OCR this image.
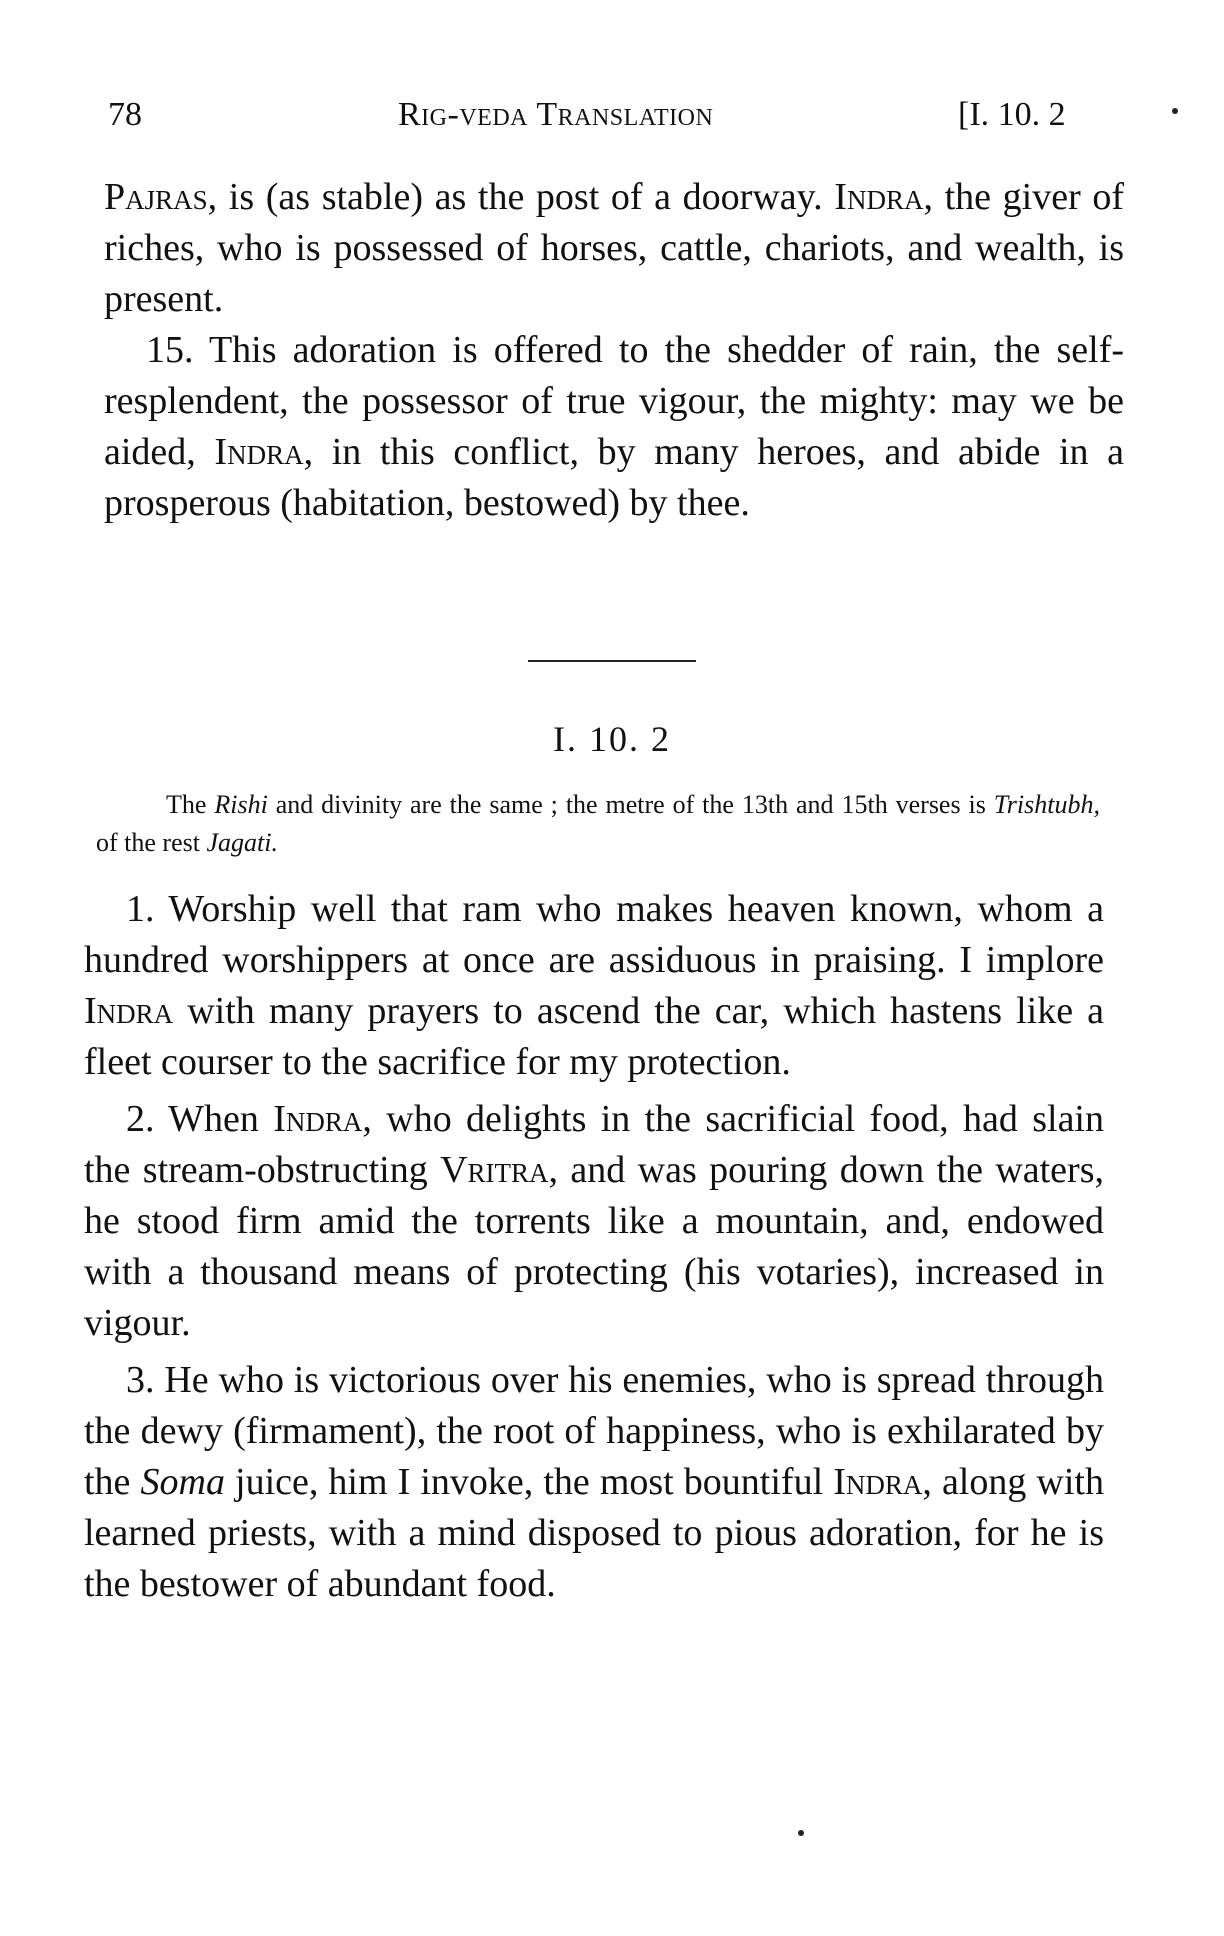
78	Rig-veda Translation	[I. 10. 2

Pajras, is (as stable) as the post of a doorway. Indra, the giver of riches, who is possessed of horses, cattle, chariots, and wealth, is present.

15. This adoration is offered to the shedder of rain, the self-resplendent, the possessor of true vigour, the mighty: may we be aided, Indra, in this conflict, by many heroes, and abide in a prosperous (habitation, bestowed) by thee.

I. 10. 2

The Rishi and divinity are the same ; the metre of the 13th and 15th verses is Trishtubh, of the rest Jagati.

1. Worship well that ram who makes heaven known, whom a hundred worshippers at once are assiduous in praising. I implore Indra with many prayers to ascend the car, which hastens like a fleet courser to the sacrifice for my protection.

2. When Indra, who delights in the sacrificial food, had slain the stream-obstructing Vritra, and was pouring down the waters, he stood firm amid the torrents like a mountain, and, endowed with a thousand means of protecting (his votaries), increased in vigour.

3. He who is victorious over his enemies, who is spread through the dewy (firmament), the root of happiness, who is exhilarated by the Soma juice, him I invoke, the most bountiful Indra, along with learned priests, with a mind disposed to pious adoration, for he is the bestower of abundant food.
